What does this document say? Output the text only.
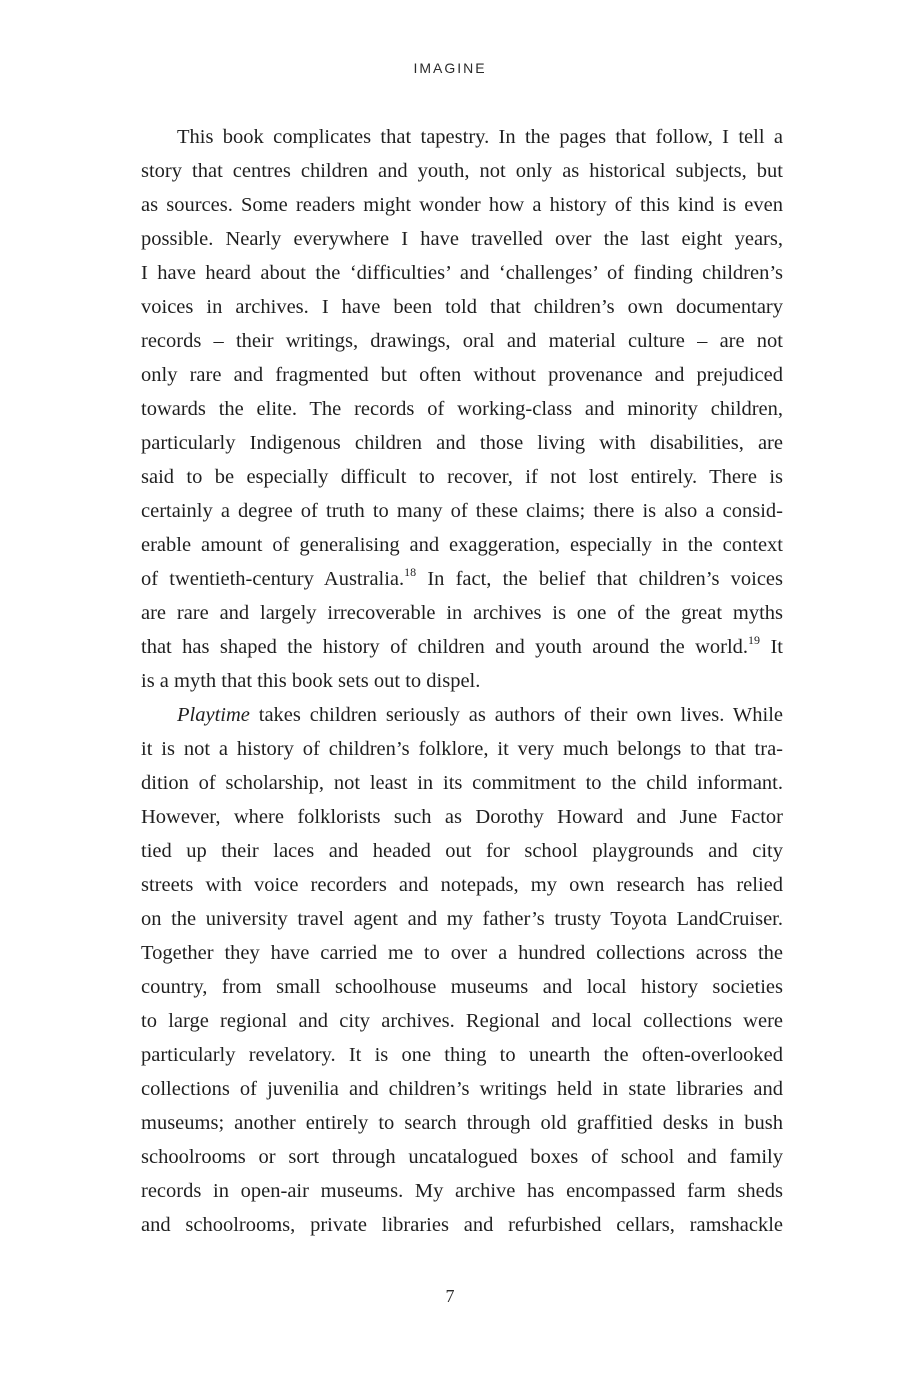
IMAGINE
This book complicates that tapestry. In the pages that follow, I tell a
story that centres children and youth, not only as historical subjects, but
as sources. Some readers might wonder how a history of this kind is even
possible. Nearly everywhere I have travelled over the last eight years,
I have heard about the ‘difficulties’ and ‘challenges’ of finding children’s
voices in archives. I have been told that children’s own documentary
records – their writings, drawings, oral and material culture – are not
only rare and fragmented but often without provenance and prejudiced
towards the elite. The records of working-class and minority children,
particularly Indigenous children and those living with disabilities, are
said to be especially difficult to recover, if not lost entirely. There is
certainly a degree of truth to many of these claims; there is also a consid-
erable amount of generalising and exaggeration, especially in the context
of twentieth-century Australia.$^{18}$ In fact, the belief that children’s voices
are rare and largely irrecoverable in archives is one of the great myths
that has shaped the history of children and youth around the world.$^{19}$ It
is a myth that this book sets out to dispel.
Playtime takes children seriously as authors of their own lives. While
it is not a history of children’s folklore, it very much belongs to that tra-
dition of scholarship, not least in its commitment to the child informant.
However, where folklorists such as Dorothy Howard and June Factor
tied up their laces and headed out for school playgrounds and city
streets with voice recorders and notepads, my own research has relied
on the university travel agent and my father’s trusty Toyota LandCruiser.
Together they have carried me to over a hundred collections across the
country, from small schoolhouse museums and local history societies
to large regional and city archives. Regional and local collections were
particularly revelatory. It is one thing to unearth the often-overlooked
collections of juvenilia and children’s writings held in state libraries and
museums; another entirely to search through old graffitied desks in bush
schoolrooms or sort through uncatalogued boxes of school and family
records in open-air museums. My archive has encompassed farm sheds
and schoolrooms, private libraries and refurbished cellars, ramshackle
7
